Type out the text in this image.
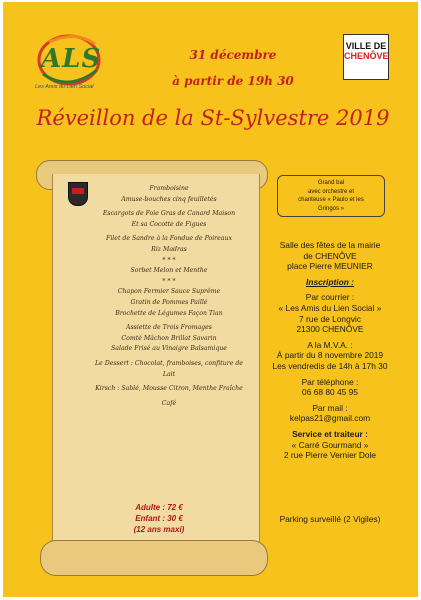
ALS
Les Amis du Lien Social
31 décembre
à partir de 19h 30
VILLE DE
CHENÔVE
Réveillon de la St-Sylvestre 2019
Framboisine
Amuse-bouches cinq feuilletés
Escargots de Foie Gras de Canard Maison
Et sa Cocotte de Figues
Filet de Sandre à la Fondue de Poireaux
Riz Madras
* * *
Sorbet Melon et Menthe
* * *
Chapon Fermier Sauce Suprême
Gratin de Pommes Paillé
Brochette de Légumes Façon Tian
Assiette de Trois Fromages
Comté Mâchon Brillat Savarin
Salade Frisé au Vinaigre Balsamique
Le Dessert : Chocolat, framboises, confiture de Lait
Kirsch : Sablé, Mousse Citron, Menthe Fraîche
Café
Adulte : 72 €
Enfant : 30 €
(12 ans maxi)
Grand bal
avec orchestre et
chanteuse « Paulo et les
Gringos »
Salle des fêtes de la mairie
de CHENÔVE
place Pierre MEUNIER
Inscription :
Par courrier :
« Les Amis du Lien Social »
7 rue de Longvic
21300 CHENÔVE
A la M.V.A. :
À partir du 8 novembre 2019
Les vendredis de 14h à 17h 30
Par téléphone :
06 68 80 45 95
Par mail :
kelpas21@gmail.com
Service et traiteur :
« Carré Gourmand »
2 rue Pierre Vernier Dole
Parking surveillé (2 Vigiles)
